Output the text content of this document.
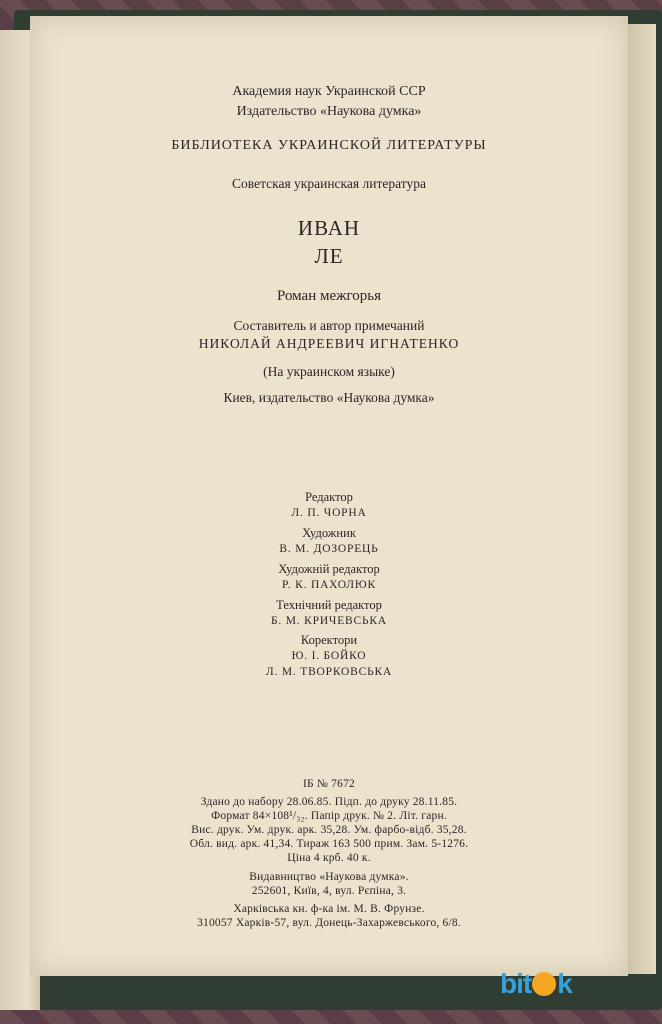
Академия наук Украинской ССР
Издательство «Наукова думка»
БИБЛИОТЕКА УКРАИНСКОЙ ЛИТЕРАТУРЫ
Советская украинская литература
ИВАН
ЛЕ
Роман межгорья
Составитель и автор примечаний
НИКОЛАЙ АНДРЕЕВИЧ ИГНАТЕНКО
(На украинском языке)
Киев, издательство «Наукова думка»
Редактор
Л. П. ЧОРНА
Художник
В. М. ДОЗОРЕЦЬ
Художній редактор
Р. К. ПАХОЛЮК
Технічний редактор
Б. М. КРИЧЕВСЬКА
Коректори
Ю. І. БОЙКО
Л. М. ТВОРКОВСЬКА
ІБ № 7672
Здано до набору 28.06.85. Підп. до друку 28.11.85.
Формат 84×108¹/₃₂. Папір друк. № 2. Літ. гарн.
Вис. друк. Ум. друк. арк. 35,28. Ум. фарбо-відб. 35,28.
Обл. вид. арк. 41,34. Тираж 163 500 прим. Зам. 5-1276.
Ціна 4 крб. 40 к.
Видавництво «Наукова думка».
252601, Київ, 4, вул. Рєпіна, 3.
Харківська кн. ф-ка ім. М. В. Фрунзе.
310057 Харків-57, вул. Донець-Захаржевського, 6/8.
bit k
